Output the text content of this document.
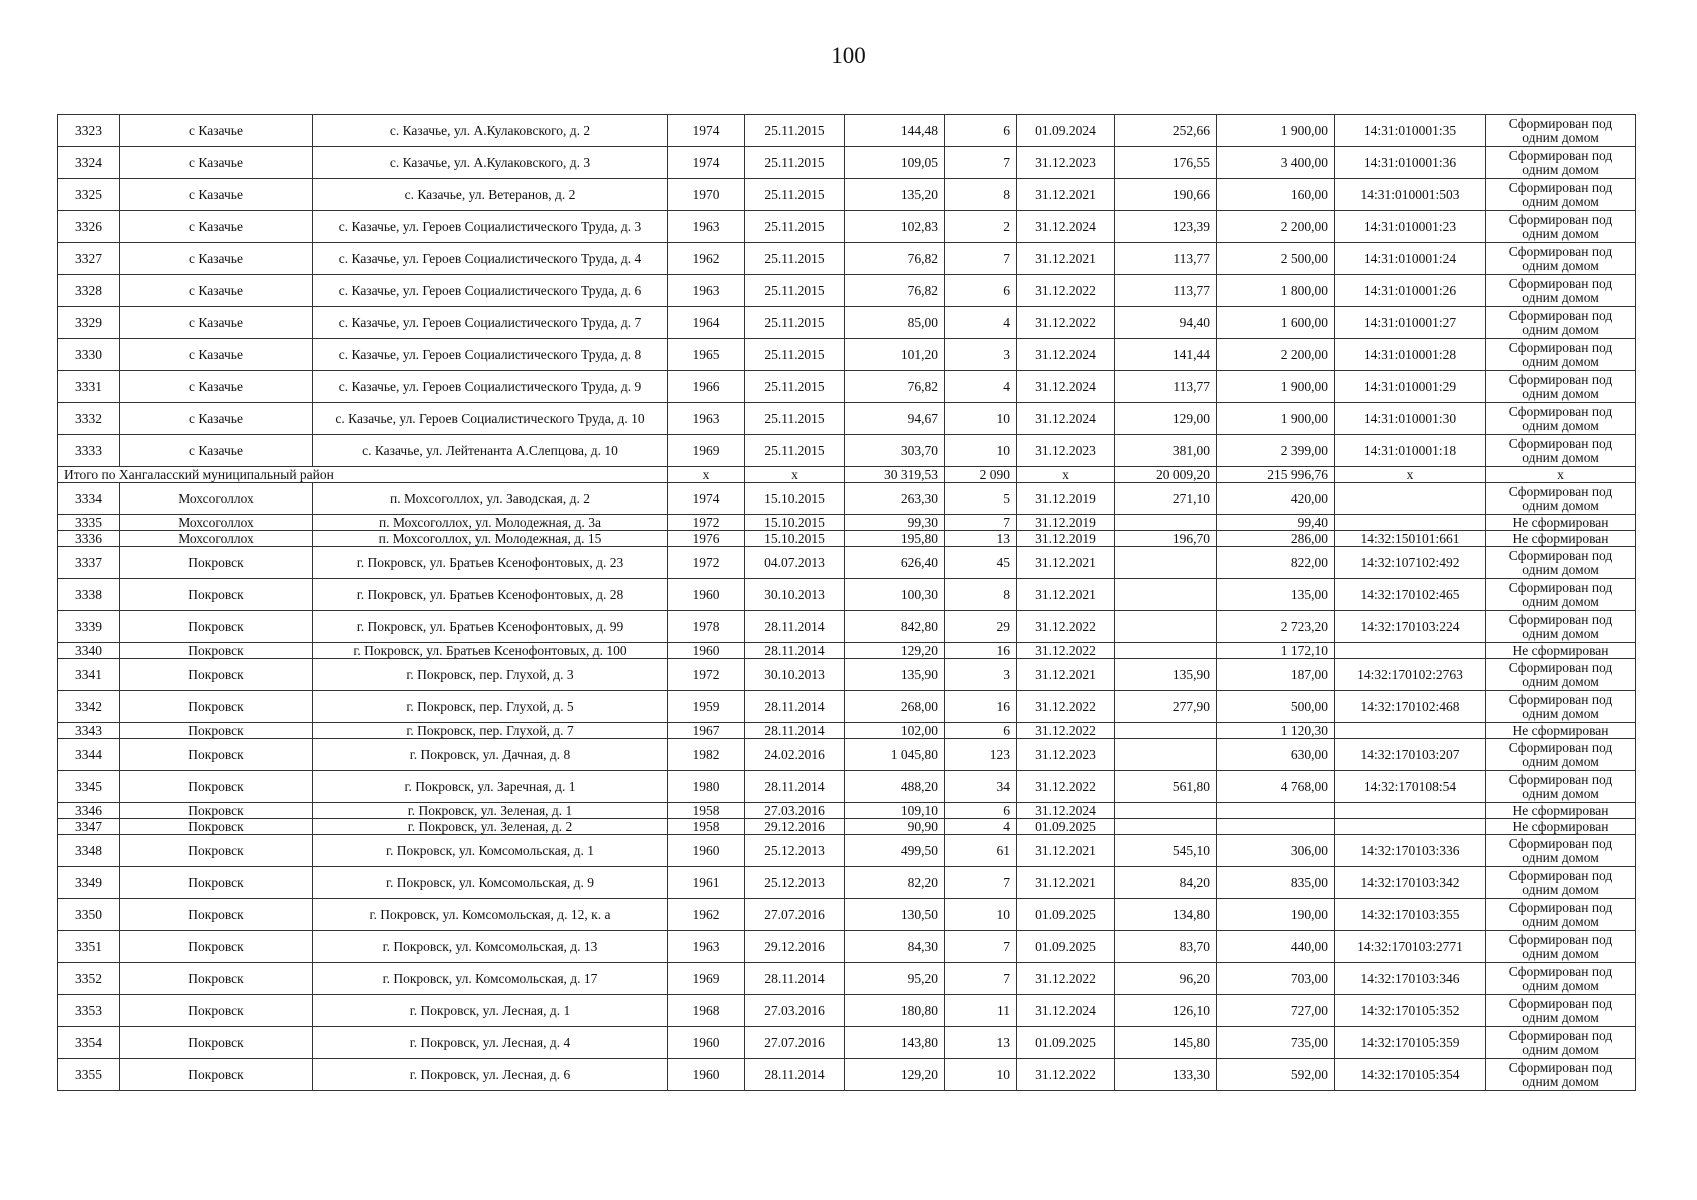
100
3323	с Казачье	с. Казачье, ул. А.Кулаковского, д. 2	1974	25.11.2015	144,48	6	01.09.2024	252,66	1 900,00	14:31:010001:35	Сформирован под одним домом
3324	с Казачье	с. Казачье, ул. А.Кулаковского, д. 3	1974	25.11.2015	109,05	7	31.12.2023	176,55	3 400,00	14:31:010001:36	Сформирован под одним домом
3325	с Казачье	с. Казачье, ул. Ветеранов, д. 2	1970	25.11.2015	135,20	8	31.12.2021	190,66	160,00	14:31:010001:503	Сформирован под одним домом
3326	с Казачье	с. Казачье, ул. Героев Социалистического Труда, д. 3	1963	25.11.2015	102,83	2	31.12.2024	123,39	2 200,00	14:31:010001:23	Сформирован под одним домом
3327	с Казачье	с. Казачье, ул. Героев Социалистического Труда, д. 4	1962	25.11.2015	76,82	7	31.12.2021	113,77	2 500,00	14:31:010001:24	Сформирован под одним домом
3328	с Казачье	с. Казачье, ул. Героев Социалистического Труда, д. 6	1963	25.11.2015	76,82	6	31.12.2022	113,77	1 800,00	14:31:010001:26	Сформирован под одним домом
3329	с Казачье	с. Казачье, ул. Героев Социалистического Труда, д. 7	1964	25.11.2015	85,00	4	31.12.2022	94,40	1 600,00	14:31:010001:27	Сформирован под одним домом
3330	с Казачье	с. Казачье, ул. Героев Социалистического Труда, д. 8	1965	25.11.2015	101,20	3	31.12.2024	141,44	2 200,00	14:31:010001:28	Сформирован под одним домом
3331	с Казачье	с. Казачье, ул. Героев Социалистического Труда, д. 9	1966	25.11.2015	76,82	4	31.12.2024	113,77	1 900,00	14:31:010001:29	Сформирован под одним домом
3332	с Казачье	с. Казачье, ул. Героев Социалистического Труда, д. 10	1963	25.11.2015	94,67	10	31.12.2024	129,00	1 900,00	14:31:010001:30	Сформирован под одним домом
3333	с Казачье	с. Казачье, ул. Лейтенанта А.Слепцова, д. 10	1969	25.11.2015	303,70	10	31.12.2023	381,00	2 399,00	14:31:010001:18	Сформирован под одним домом
Итого по Хангаласский муниципальный район			х	х	30 319,53	2 090	х	20 009,20	215 996,76	х	х
3334	Мохсоголлох	п. Мохсоголлох, ул. Заводская, д. 2	1974	15.10.2015	263,30	5	31.12.2019	271,10	420,00		Сформирован под одним домом
3335	Мохсоголлох	п. Мохсоголлох, ул. Молодежная, д. 3а	1972	15.10.2015	99,30	7	31.12.2019		99,40		Не сформирован
3336	Мохсоголлох	п. Мохсоголлох, ул. Молодежная, д. 15	1976	15.10.2015	195,80	13	31.12.2019	196,70	286,00	14:32:150101:661	Не сформирован
3337	Покровск	г. Покровск, ул. Братьев Ксенофонтовых, д. 23	1972	04.07.2013	626,40	45	31.12.2021		822,00	14:32:107102:492	Сформирован под одним домом
3338	Покровск	г. Покровск, ул. Братьев Ксенофонтовых, д. 28	1960	30.10.2013	100,30	8	31.12.2021		135,00	14:32:170102:465	Сформирован под одним домом
3339	Покровск	г. Покровск, ул. Братьев Ксенофонтовых, д. 99	1978	28.11.2014	842,80	29	31.12.2022		2 723,20	14:32:170103:224	Сформирован под одним домом
3340	Покровск	г. Покровск, ул. Братьев Ксенофонтовых, д. 100	1960	28.11.2014	129,20	16	31.12.2022		1 172,10		Не сформирован
3341	Покровск	г. Покровск, пер. Глухой, д. 3	1972	30.10.2013	135,90	3	31.12.2021	135,90	187,00	14:32:170102:2763	Сформирован под одним домом
3342	Покровск	г. Покровск, пер. Глухой, д. 5	1959	28.11.2014	268,00	16	31.12.2022	277,90	500,00	14:32:170102:468	Сформирован под одним домом
3343	Покровск	г. Покровск, пер. Глухой, д. 7	1967	28.11.2014	102,00	6	31.12.2022		1 120,30		Не сформирован
3344	Покровск	г. Покровск, ул. Дачная, д. 8	1982	24.02.2016	1 045,80	123	31.12.2023		630,00	14:32:170103:207	Сформирован под одним домом
3345	Покровск	г. Покровск, ул. Заречная, д. 1	1980	28.11.2014	488,20	34	31.12.2022	561,80	4 768,00	14:32:170108:54	Сформирован под одним домом
3346	Покровск	г. Покровск, ул. Зеленая, д. 1	1958	27.03.2016	109,10	6	31.12.2024				Не сформирован
3347	Покровск	г. Покровск, ул. Зеленая, д. 2	1958	29.12.2016	90,90	4	01.09.2025				Не сформирован
3348	Покровск	г. Покровск, ул. Комсомольская, д. 1	1960	25.12.2013	499,50	61	31.12.2021	545,10	306,00	14:32:170103:336	Сформирован под одним домом
3349	Покровск	г. Покровск, ул. Комсомольская, д. 9	1961	25.12.2013	82,20	7	31.12.2021	84,20	835,00	14:32:170103:342	Сформирован под одним домом
3350	Покровск	г. Покровск, ул. Комсомольская, д. 12, к. а	1962	27.07.2016	130,50	10	01.09.2025	134,80	190,00	14:32:170103:355	Сформирован под одним домом
3351	Покровск	г. Покровск, ул. Комсомольская, д. 13	1963	29.12.2016	84,30	7	01.09.2025	83,70	440,00	14:32:170103:2771	Сформирован под одним домом
3352	Покровск	г. Покровск, ул. Комсомольская, д. 17	1969	28.11.2014	95,20	7	31.12.2022	96,20	703,00	14:32:170103:346	Сформирован под одним домом
3353	Покровск	г. Покровск, ул. Лесная, д. 1	1968	27.03.2016	180,80	11	31.12.2024	126,10	727,00	14:32:170105:352	Сформирован под одним домом
3354	Покровск	г. Покровск, ул. Лесная, д. 4	1960	27.07.2016	143,80	13	01.09.2025	145,80	735,00	14:32:170105:359	Сформирован под одним домом
3355	Покровск	г. Покровск, ул. Лесная, д. 6	1960	28.11.2014	129,20	10	31.12.2022	133,30	592,00	14:32:170105:354	Сформирован под одним домом
